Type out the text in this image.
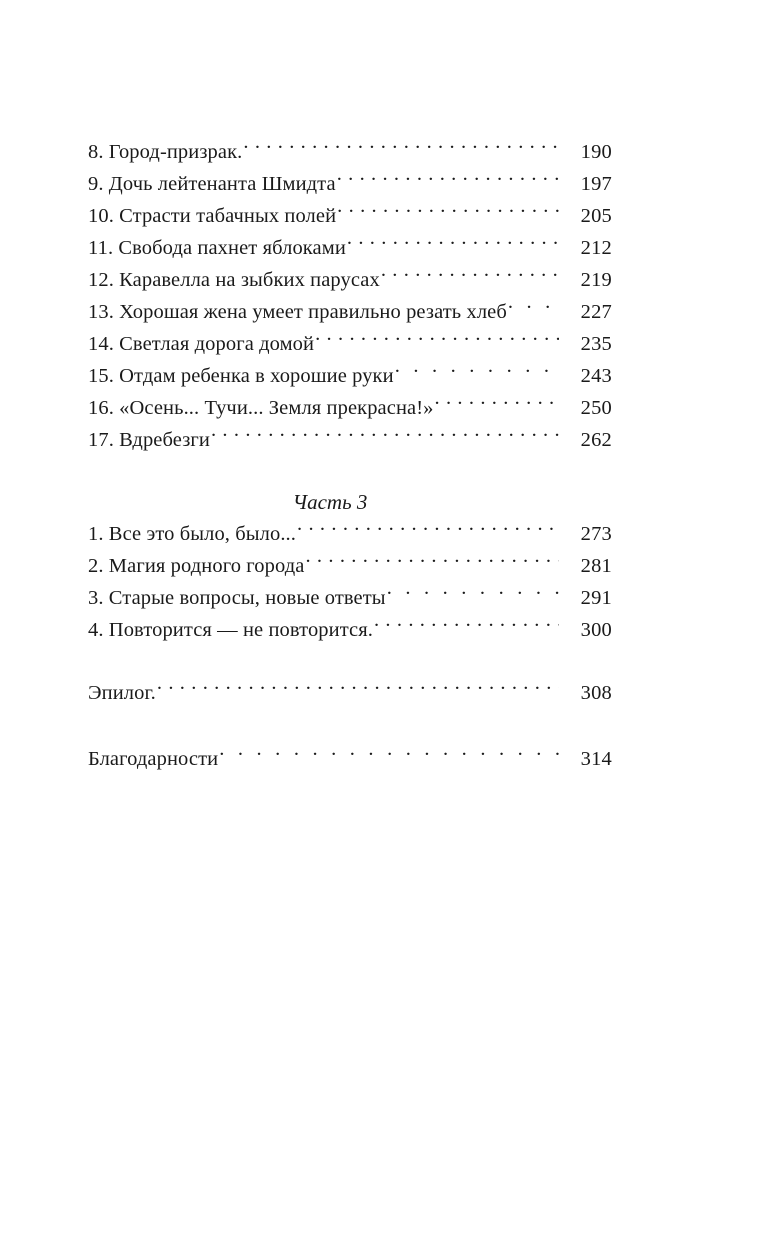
8. Город-призрак. . . .	190
9. Дочь лейтенанта Шмидта . . .	197
10. Страсти табачных полей . . .	205
11. Свобода пахнет яблоками . . .	212
12. Каравелла на зыбких парусах . . .	219
13. Хорошая жена умеет правильно резать хлеб . . .	227
14. Светлая дорога домой . . .	235
15. Отдам ребенка в хорошие руки . . .	243
16. «Осень... Тучи... Земля прекрасна!» . . .	250
17. Вдребезги . . .	262
Часть 3
1. Все это было, было... . . .	273
2. Магия родного города . . .	281
3. Старые вопросы, новые ответы . . .	291
4. Повторится — не повторится. . . .	300
Эпилог. . . .	308
Благодарности . . .	314
